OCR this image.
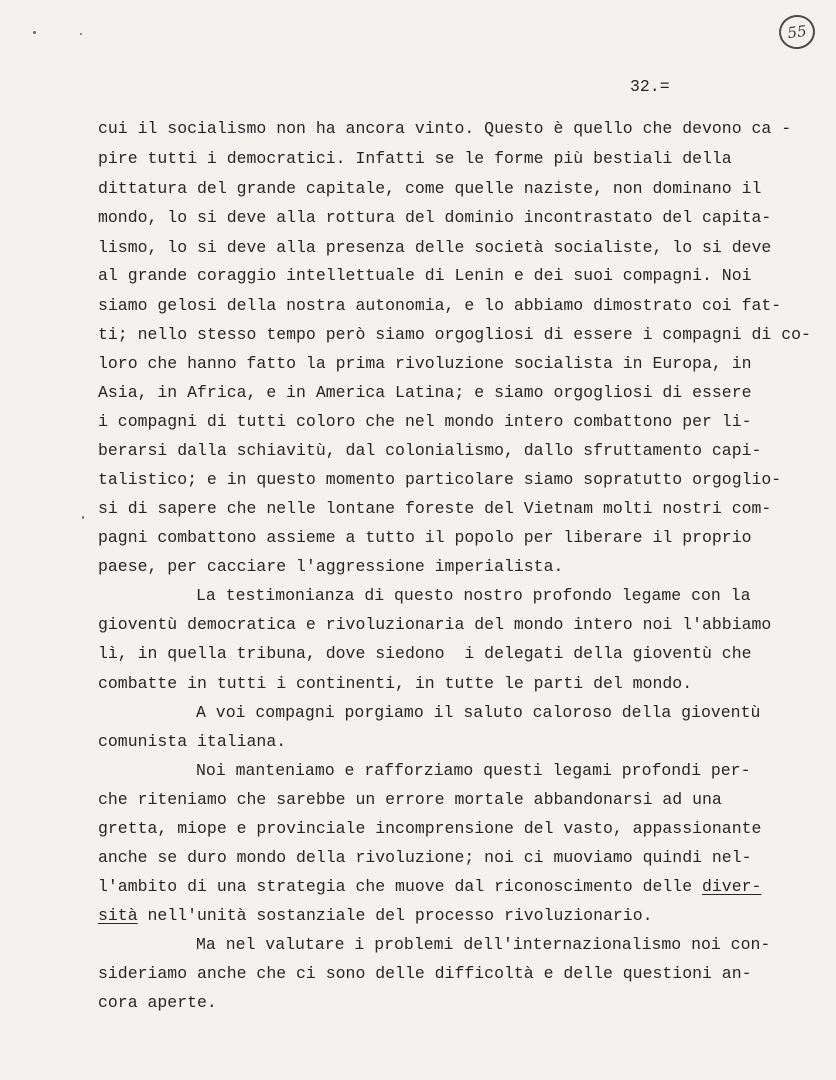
55
32.=
cui il socialismo non ha ancora vinto. Questo è quello che devono ca -
pire tutti i democratici. Infatti se le forme più bestiali della
dittatura del grande capitale, come quelle naziste, non dominano il
mondo, lo si deve alla rottura del dominio incontrastato del capita-
lismo, lo si deve alla presenza delle società socialiste, lo si deve
al grande coraggio intellettuale di Lenin e dei suoi compagni. Noi
siamo gelosi della nostra autonomia, e lo abbiamo dimostrato coi fat-
ti; nello stesso tempo però siamo orgogliosi di essere i compagni di co-
loro che hanno fatto la prima rivoluzione socialista in Europa, in
Asia, in Africa, e in America Latina; e siamo orgogliosi di essere
i compagni di tutti coloro che nel mondo intero combattono per li-
berarsi dalla schiavitù, dal colonialismo, dallo sfruttamento capi-
talistico; e in questo momento particolare siamo sopratutto orgoglio-
si di sapere che nelle lontane foreste del Vietnam molti nostri com-
pagni combattono assieme a tutto il popolo per liberare il proprio
paese, per cacciare l'aggressione imperialista.
La testimonianza di questo nostro profondo legame con la
gioventù democratica e rivoluzionaria del mondo intero noi l'abbiamo
lì, in quella tribuna, dove siedono  i delegati della gioventù che
combatte in tutti i continenti, in tutte le parti del mondo.
A voi compagni porgiamo il saluto caloroso della gioventù
comunista italiana.
Noi manteniamo e rafforziamo questi legami profondi per-
che riteniamo che sarebbe un errore mortale abbandonarsi ad una
gretta, miope e provinciale incomprensione del vasto, appassionante
anche se duro mondo della rivoluzione; noi ci muoviamo quindi nel-
l'ambito di una strategia che muove dal riconoscimento delle diver-
sità nell'unità sostanziale del processo rivoluzionario.
Ma nel valutare i problemi dell'internazionalismo noi con-
sideriamo anche che ci sono delle difficoltà e delle questioni an-
cora aperte.
